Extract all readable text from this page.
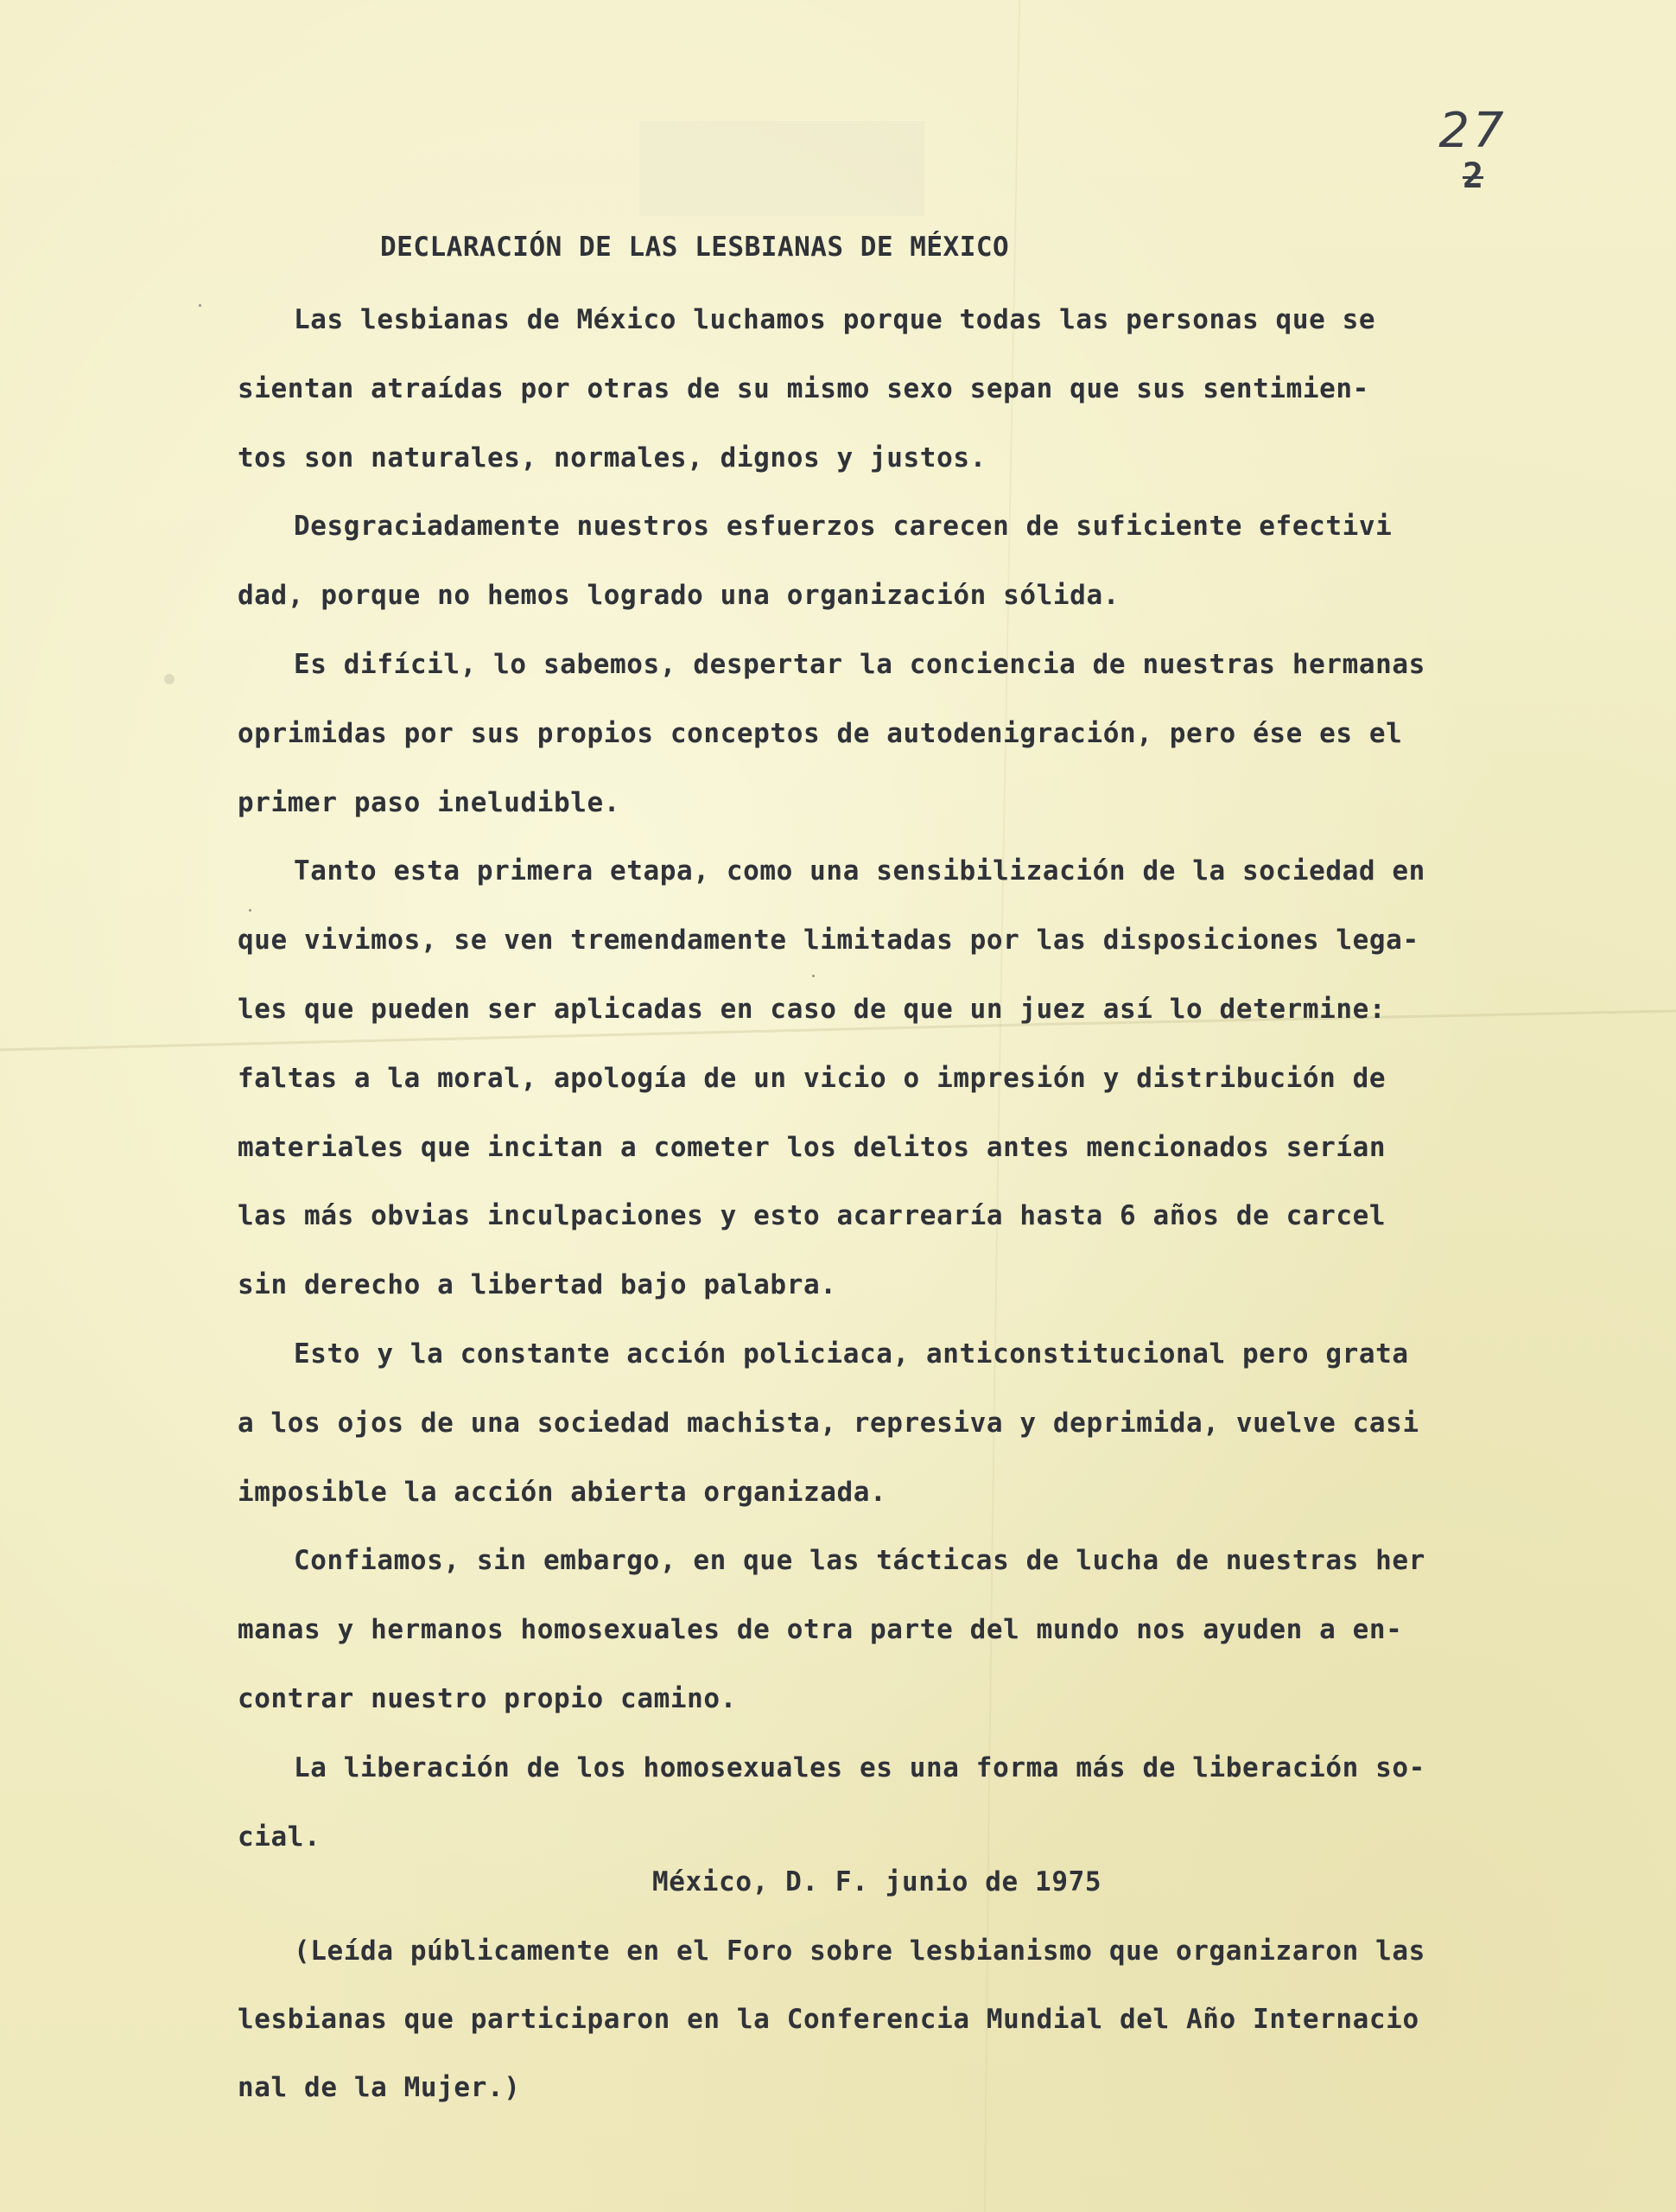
27
2
DECLARACIÓN DE LAS LESBIANAS DE MÉXICO
Las lesbianas de México luchamos porque todas las personas que se
sientan atraídas por otras de su mismo sexo sepan que sus sentimien-
tos son naturales, normales, dignos y justos.
Desgraciadamente nuestros esfuerzos carecen de suficiente efectivi
dad, porque no hemos logrado una organización sólida.
Es difícil, lo sabemos, despertar la conciencia de nuestras hermanas
oprimidas por sus propios conceptos de autodenigración, pero ése es el
primer paso ineludible.
Tanto esta primera etapa, como una sensibilización de la sociedad en
que vivimos, se ven tremendamente limitadas por las disposiciones lega-
les que pueden ser aplicadas en caso de que un juez así lo determine:
faltas a la moral, apología de un vicio o impresión y distribución de
materiales que incitan a cometer los delitos antes mencionados serían
las más obvias inculpaciones y esto acarrearía hasta 6 años de carcel
sin derecho a libertad bajo palabra.
Esto y la constante acción policiaca, anticonstitucional pero grata
a los ojos de una sociedad machista, represiva y deprimida, vuelve casi
imposible la acción abierta organizada.
Confiamos, sin embargo, en que las tácticas de lucha de nuestras her
manas y hermanos homosexuales de otra parte del mundo nos ayuden a en-
contrar nuestro propio camino.
La liberación de los homosexuales es una forma más de liberación so-
cial.
México, D. F. junio de 1975
(Leída públicamente en el Foro sobre lesbianismo que organizaron las
lesbianas que participaron en la Conferencia Mundial del Año Internacio
nal de la Mujer.)
